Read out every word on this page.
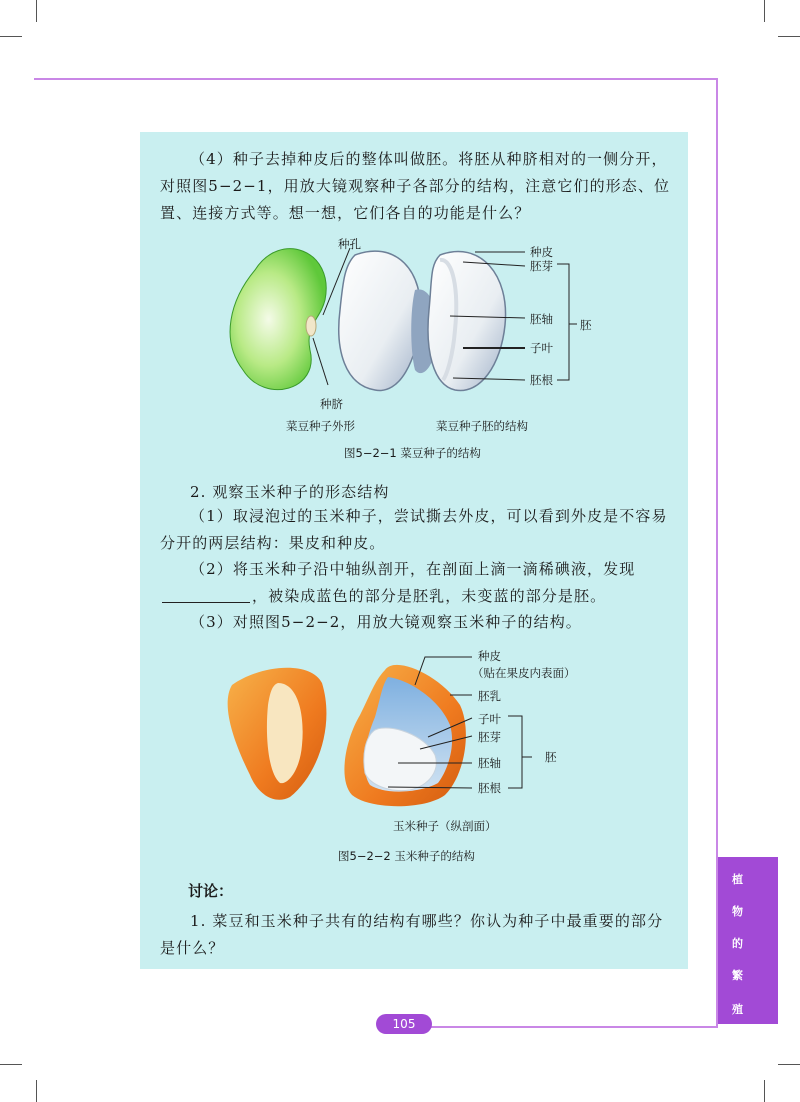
（4）种子去掉种皮后的整体叫做胚。将胚从种脐相对的一侧分开，对照图5−2−1，用放大镜观察种子各部分的结构，注意它们的形态、位置、连接方式等。想一想，它们各自的功能是什么？

种孔
种脐
种皮
胚芽
胚轴
子叶
胚根
胚
菜豆种子外形	菜豆种子胚的结构
图5−2−1 菜豆种子的结构

2. 观察玉米种子的形态结构

（1）取浸泡过的玉米种子，尝试撕去外皮，可以看到外皮是不容易分开的两层结构：果皮和种皮。

（2）将玉米种子沿中轴纵剖开，在剖面上滴一滴稀碘液，发现，被染成蓝色的部分是胚乳，未变蓝的部分是胚。

（3）对照图5−2−2，用放大镜观察玉米种子的结构。

种皮
（贴在果皮内表面）
胚乳
子叶
胚芽
胚轴
胚根
胚
玉米种子（纵剖面）
图5−2−2 玉米种子的结构
讨论：

1. 菜豆和玉米种子共有的结构有哪些？你认为种子中最重要的部分是什么？

植
物
的
繁
殖
105
